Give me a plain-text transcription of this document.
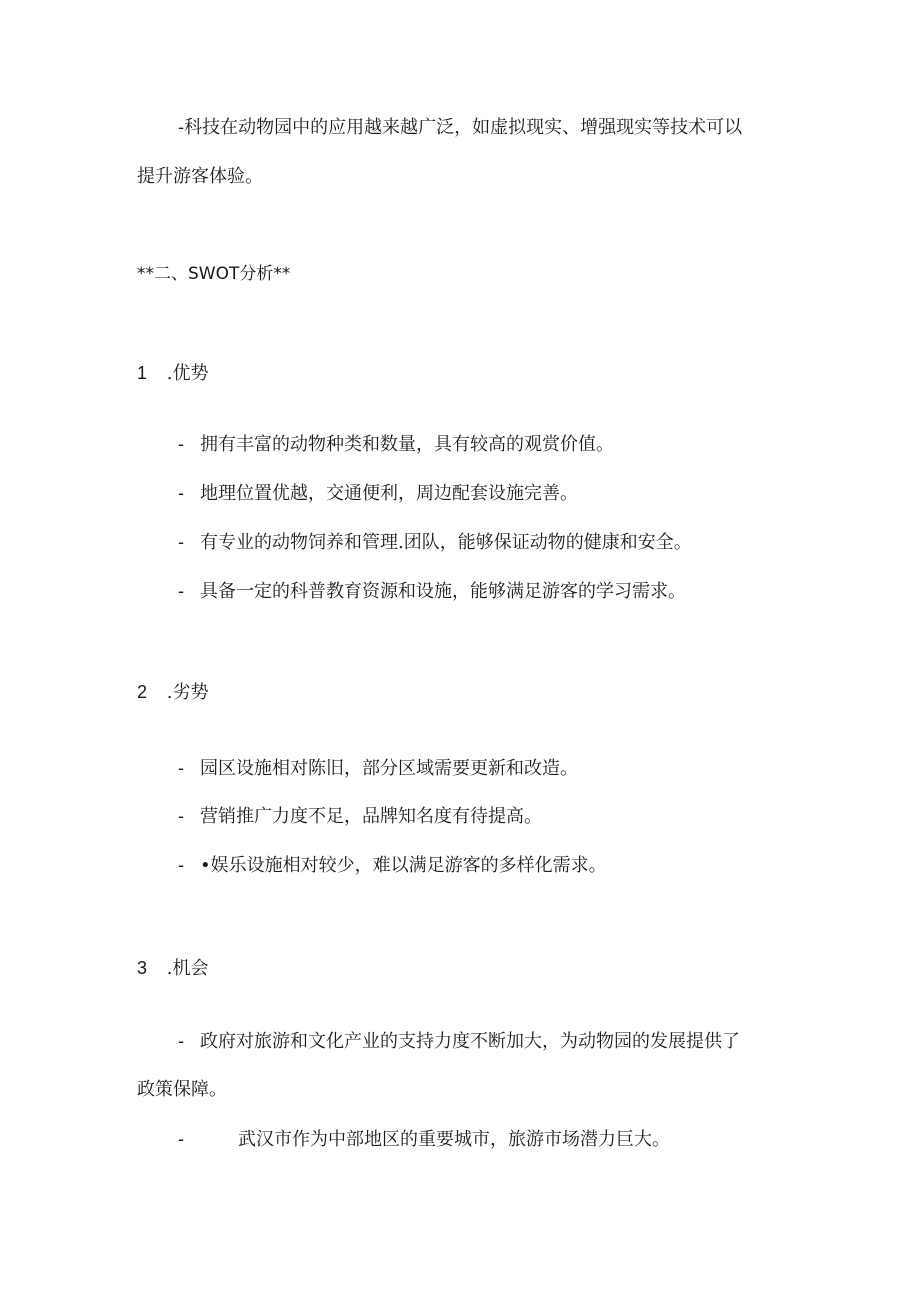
-科技在动物园中的应用越来越广泛，如虚拟现实、增强现实等技术可以
提升游客体验。
**二、SWOT分析**
1 .优势
- 拥有丰富的动物种类和数量，具有较高的观赏价值。
- 地理位置优越，交通便利，周边配套设施完善。
- 有专业的动物饲养和管理.团队，能够保证动物的健康和安全。
- 具备一定的科普教育资源和设施，能够满足游客的学习需求。
2 .劣势
- 园区设施相对陈旧，部分区域需要更新和改造。
- 营销推广力度不足，品牌知名度有待提高。
- •娱乐设施相对较少，难以满足游客的多样化需求。
3 .机会
- 政府对旅游和文化产业的支持力度不断加大，为动物园的发展提供了
政策保障。
-	武汉市作为中部地区的重要城市，旅游市场潜力巨大。
